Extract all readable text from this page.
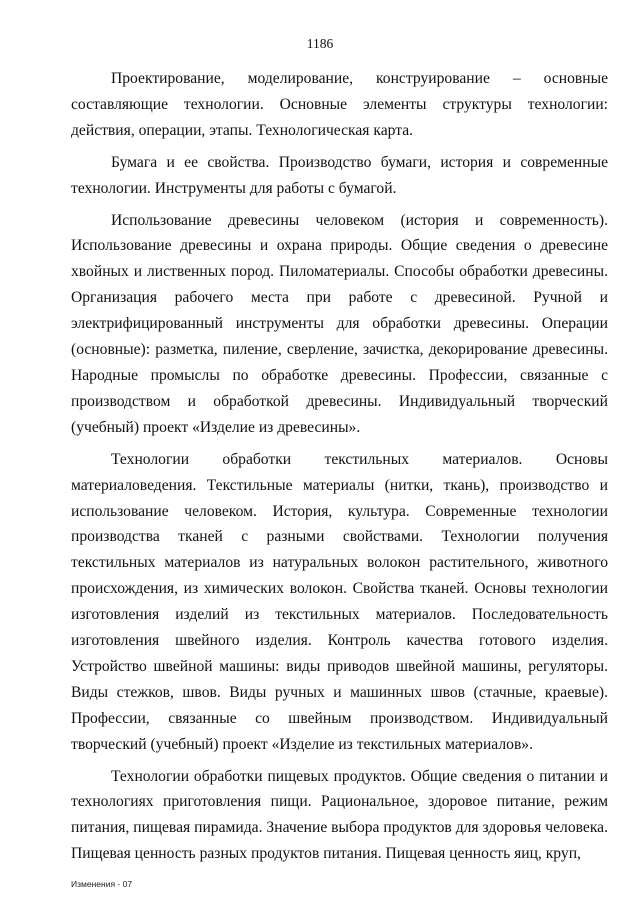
1186

Проектирование, моделирование, конструирование – основные составляющие технологии. Основные элементы структуры технологии: действия, операции, этапы. Технологическая карта.

Бумага и ее свойства. Производство бумаги, история и современные технологии. Инструменты для работы с бумагой.

Использование древесины человеком (история и современность). Использование древесины и охрана природы. Общие сведения о древесине хвойных и лиственных пород. Пиломатериалы. Способы обработки древесины. Организация рабочего места при работе с древесиной. Ручной и электрифицированный инструменты для обработки древесины. Операции (основные): разметка, пиление, сверление, зачистка, декорирование древесины. Народные промыслы по обработке древесины. Профессии, связанные с производством и обработкой древесины. Индивидуальный творческий (учебный) проект «Изделие из древесины».

Технологии обработки текстильных материалов. Основы материаловедения. Текстильные материалы (нитки, ткань), производство и использование человеком. История, культура. Современные технологии производства тканей с разными свойствами. Технологии получения текстильных материалов из натуральных волокон растительного, животного происхождения, из химических волокон. Свойства тканей. Основы технологии изготовления изделий из текстильных материалов. Последовательность изготовления швейного изделия. Контроль качества готового изделия. Устройство швейной машины: виды приводов швейной машины, регуляторы. Виды стежков, швов. Виды ручных и машинных швов (стачные, краевые). Профессии, связанные со швейным производством. Индивидуальный творческий (учебный) проект «Изделие из текстильных материалов».

Технологии обработки пищевых продуктов. Общие сведения о питании и технологиях приготовления пищи. Рациональное, здоровое питание, режим питания, пищевая пирамида. Значение выбора продуктов для здоровья человека. Пищевая ценность разных продуктов питания. Пищевая ценность яиц, круп,

Изменения - 07
